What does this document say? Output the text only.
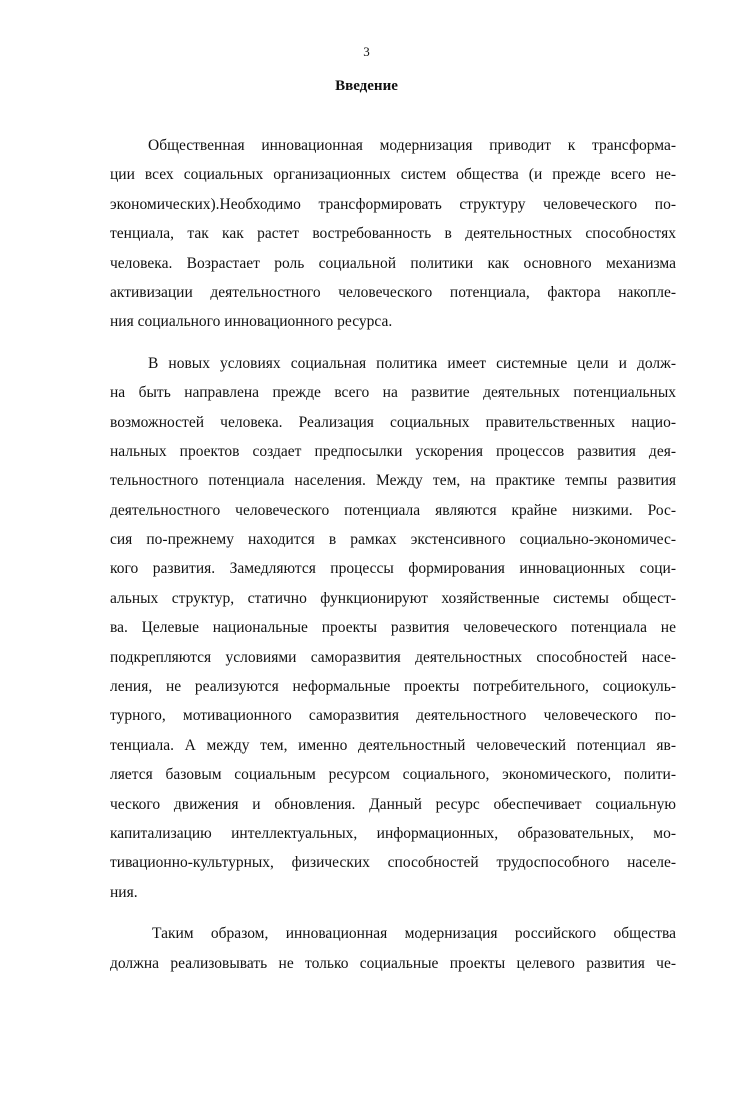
3
Введение
Общественная инновационная модернизация приводит к трансформа-
ции всех социальных организационных систем общества (и прежде всего не-
экономических).Необходимо трансформировать структуру человеческого по-
тенциала, так как растет востребованность в деятельностных способностях
человека. Возрастает роль социальной политики как основного механизма
активизации деятельностного человеческого потенциала, фактора накопле-
ния социального инновационного ресурса.
В новых условиях социальная политика имеет системные цели и долж-
на быть направлена прежде всего на развитие деятельных потенциальных
возможностей человека. Реализация социальных правительственных нацио-
нальных проектов создает предпосылки ускорения процессов развития дея-
тельностного потенциала населения. Между тем, на практике темпы развития
деятельностного человеческого потенциала являются крайне низкими. Рос-
сия по-прежнему находится в рамках экстенсивного социально-экономичес-
кого развития. Замедляются процессы формирования инновационных соци-
альных структур, статично функционируют хозяйственные системы общест-
ва. Целевые национальные проекты развития человеческого потенциала не
подкрепляются условиями саморазвития деятельностных способностей насе-
ления, не реализуются неформальные проекты потребительного, социокуль-
турного, мотивационного саморазвития деятельностного человеческого по-
тенциала. А между тем, именно деятельностный человеческий потенциал яв-
ляется базовым социальным ресурсом социального, экономического, полити-
ческого движения и обновления. Данный ресурс обеспечивает социальную
капитализацию интеллектуальных, информационных, образовательных, мо-
тивационно-культурных, физических способностей трудоспособного населе-
ния.
Таким образом, инновационная модернизация российского общества
должна реализовывать не только социальные проекты целевого развития че-
